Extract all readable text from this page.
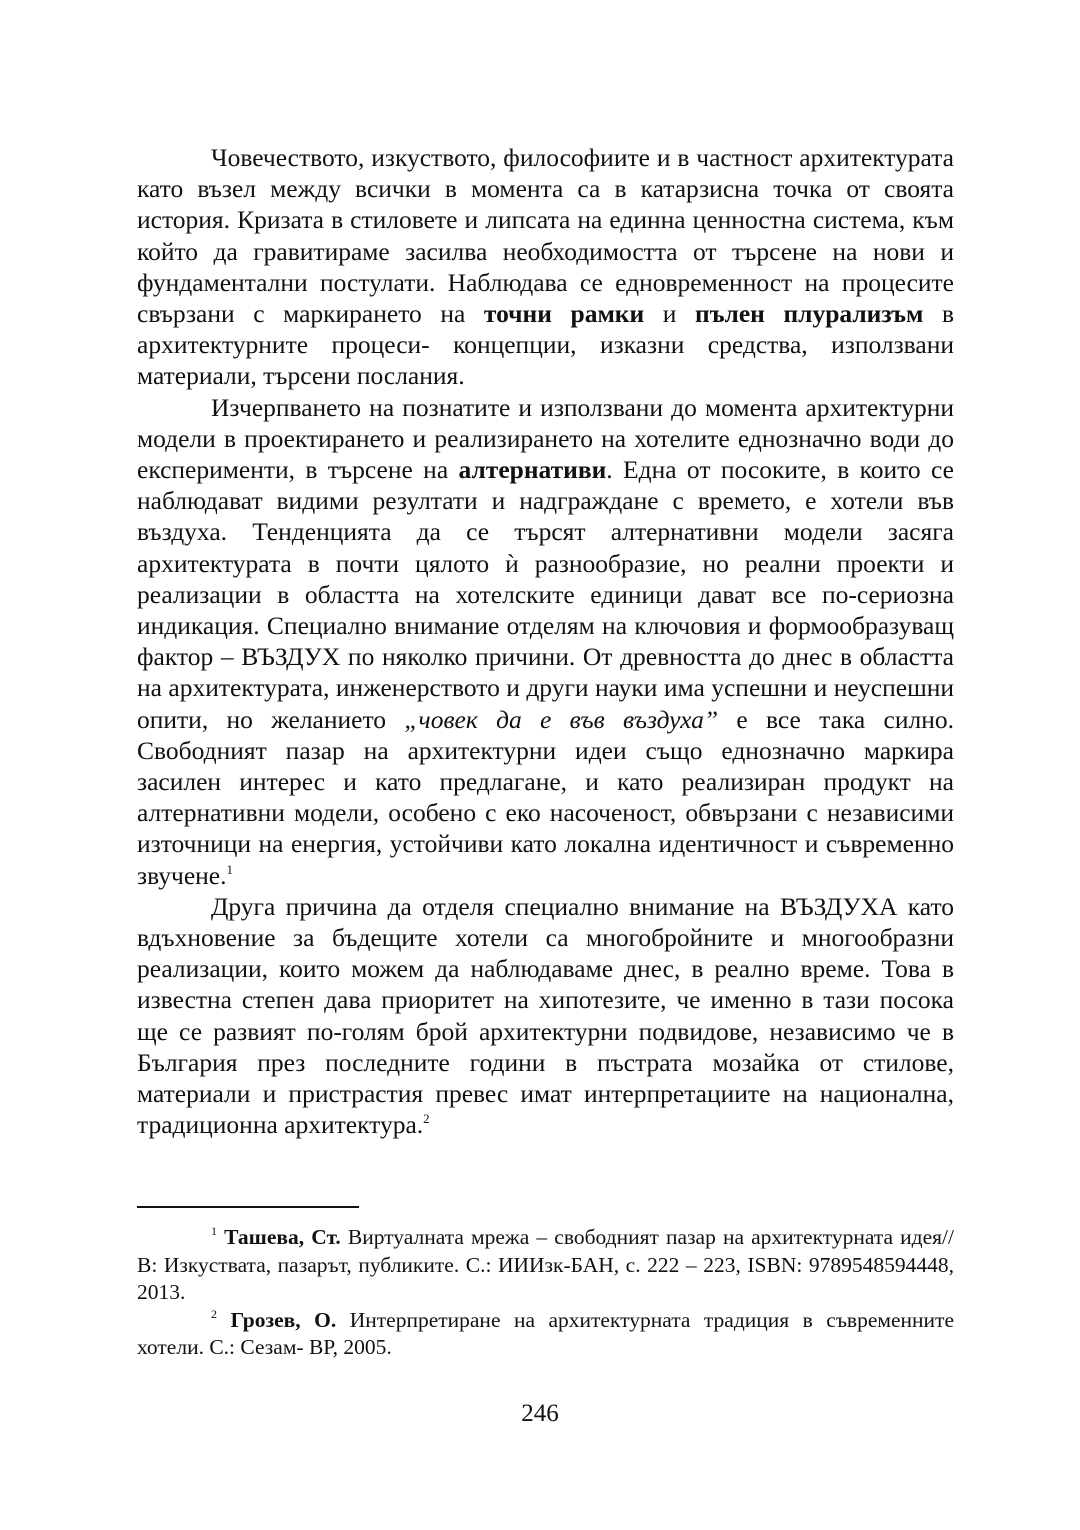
Човечеството, изкуството, философиите и в частност архитектурата като възел между всички в момента са в катарзисна точка от своята история. Кризата в стиловете и липсата на единна ценностна система, към който да гравитираме засилва необходимостта от търсене на нови и фундаментални постулати. Наблюдава се едновременност на процесите свързани с маркирането на точни рамки и пълен плурализъм в архитектурните процеси- концепции, изказни средства, използвани материали, търсени послания.

Изчерпването на познатите и използвани до момента архитектурни модели в проектирането и реализирането на хотелите еднозначно води до експерименти, в търсене на алтернативи. Една от посоките, в които се наблюдават видими резултати и надграждане с времето, е хотели във въздуха. Тенденцията да се търсят алтернативни модели засяга архитектурата в почти цялото ѝ разнообразие, но реални проекти и реализации в областта на хотелските единици дават все по-сериозна индикация. Специално внимание отделям на ключовия и формообразуващ фактор – ВЪЗДУХ по няколко причини. От древността до днес в областта на архитектурата, инженерството и други науки има успешни и неуспешни опити, но желанието „човек да е във въздуха” е все така силно. Свободният пазар на архитектурни идеи също еднозначно маркира засилен интерес и като предлагане, и като реализиран продукт на алтернативни модели, особено с еко насоченост, обвързани с независими източници на енергия, устойчиви като локална идентичност и съвременно звучене.$^1$

Друга причина да отделя специално внимание на ВЪЗДУХА като вдъхновение за бъдещите хотели са многобройните и многообразни реализации, които можем да наблюдаваме днес, в реално време. Това в известна степен дава приоритет на хипотезите, че именно в тази посока ще се развият по-голям брой архитектурни подвидове, независимо че в България през последните години в пъстрата мозайка от стилове, материали и пристрастия превес имат интерпретациите на национална, традиционна архитектура.$^2$

$^1$ Ташева, Ст. Виртуалната мрежа – свободният пазар на архитектурната идея// В: Изкуствата, пазарът, публиките. С.: ИИИзк-БАН, с. 222 – 223, ISBN: 9789548594448, 2013.

$^2$ Грозев, О. Интерпретиране на архитектурната традиция в съвременните хотели. С.: Сезам- ВР, 2005.

246
